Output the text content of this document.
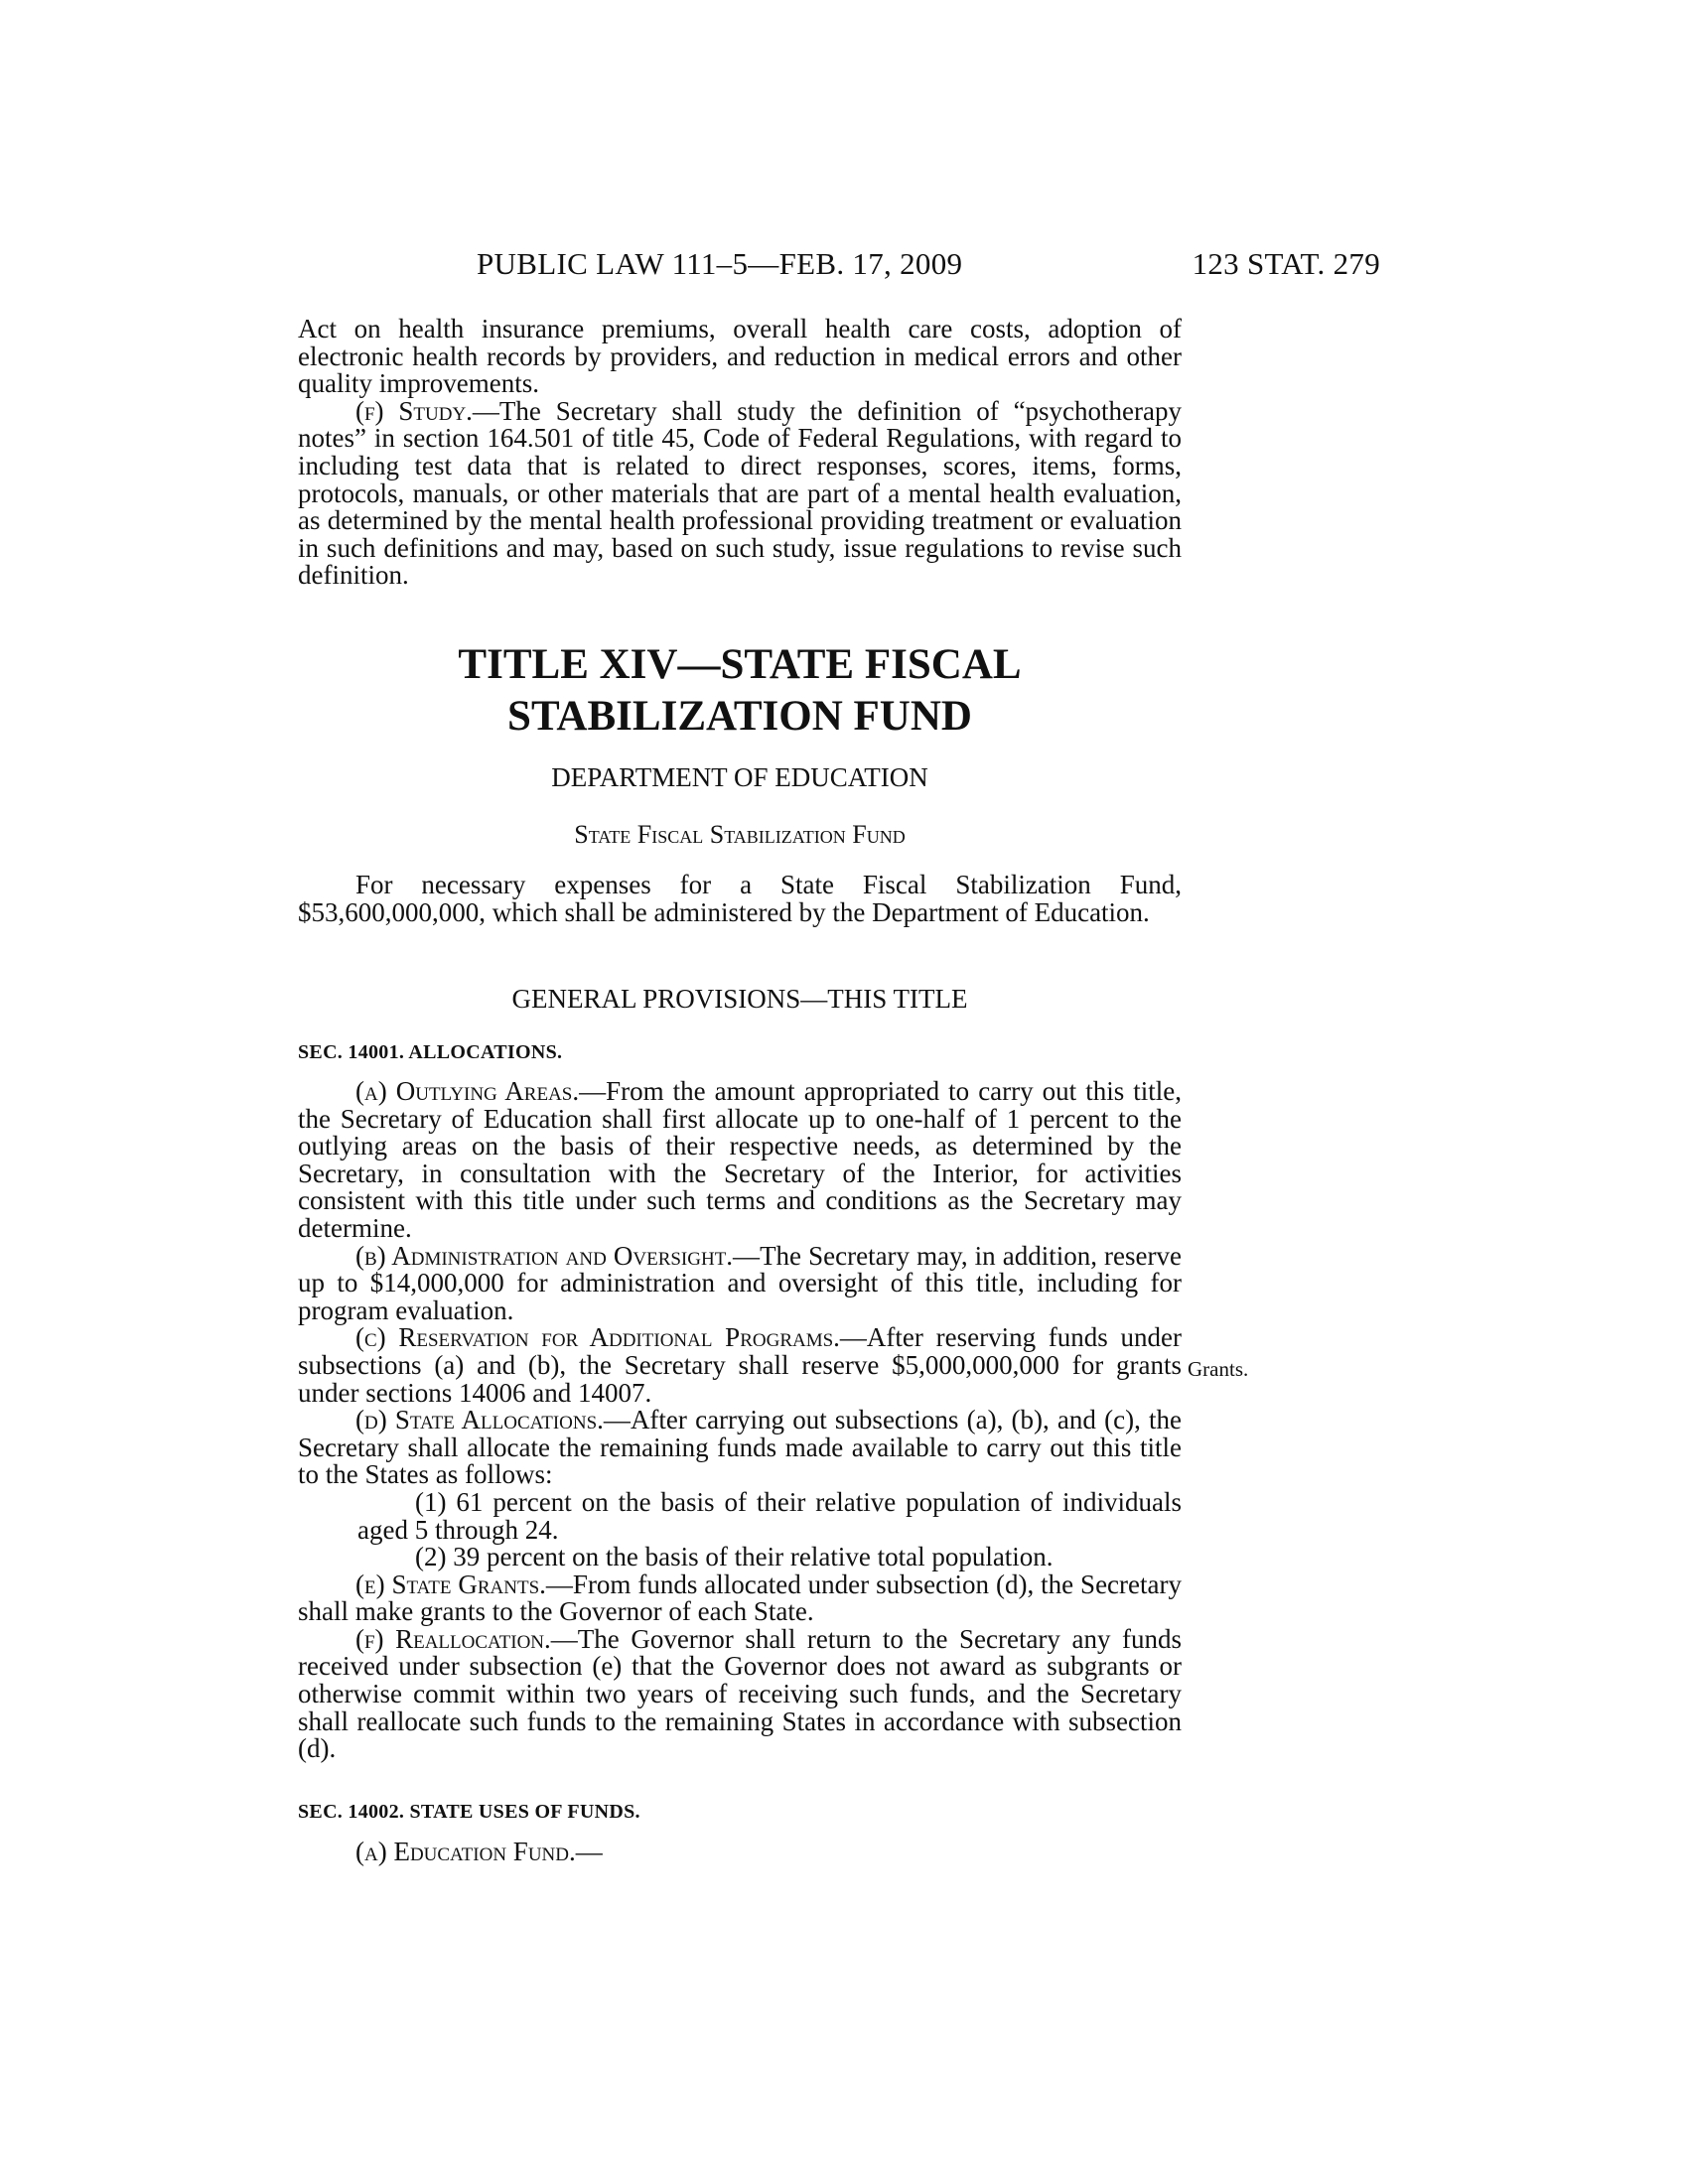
PUBLIC LAW 111–5—FEB. 17, 2009	123 STAT. 279

Act on health insurance premiums, overall health care costs, adoption of electronic health records by providers, and reduction in medical errors and other quality improvements.

(f) Study.—The Secretary shall study the definition of “psychotherapy notes” in section 164.501 of title 45, Code of Federal Regulations, with regard to including test data that is related to direct responses, scores, items, forms, protocols, manuals, or other materials that are part of a mental health evaluation, as determined by the mental health professional providing treatment or evaluation in such definitions and may, based on such study, issue regulations to revise such definition.

TITLE XIV—STATE FISCAL
STABILIZATION FUND
DEPARTMENT OF EDUCATION
State Fiscal Stabilization Fund

For necessary expenses for a State Fiscal Stabilization Fund, $53,600,000,000, which shall be administered by the Department of Education.

GENERAL PROVISIONS—THIS TITLE
SEC. 14001. ALLOCATIONS.

(a) Outlying Areas.—From the amount appropriated to carry out this title, the Secretary of Education shall first allocate up to one-half of 1 percent to the outlying areas on the basis of their respective needs, as determined by the Secretary, in consultation with the Secretary of the Interior, for activities consistent with this title under such terms and conditions as the Secretary may determine.

(b) Administration and Oversight.—The Secretary may, in addition, reserve up to $14,000,000 for administration and oversight of this title, including for program evaluation.

(c) Reservation for Additional Programs.—After reserving funds under subsections (a) and (b), the Secretary shall reserve $5,000,000,000 for grants under sections 14006 and 14007.

(d) State Allocations.—After carrying out subsections (a), (b), and (c), the Secretary shall allocate the remaining funds made available to carry out this title to the States as follows:

(1) 61 percent on the basis of their relative population of individuals aged 5 through 24.

(2) 39 percent on the basis of their relative total population.

(e) State Grants.—From funds allocated under subsection (d), the Secretary shall make grants to the Governor of each State.

(f) Reallocation.—The Governor shall return to the Secretary any funds received under subsection (e) that the Governor does not award as subgrants or otherwise commit within two years of receiving such funds, and the Secretary shall reallocate such funds to the remaining States in accordance with subsection (d).

Grants.
SEC. 14002. STATE USES OF FUNDS.

(a) Education Fund.—
